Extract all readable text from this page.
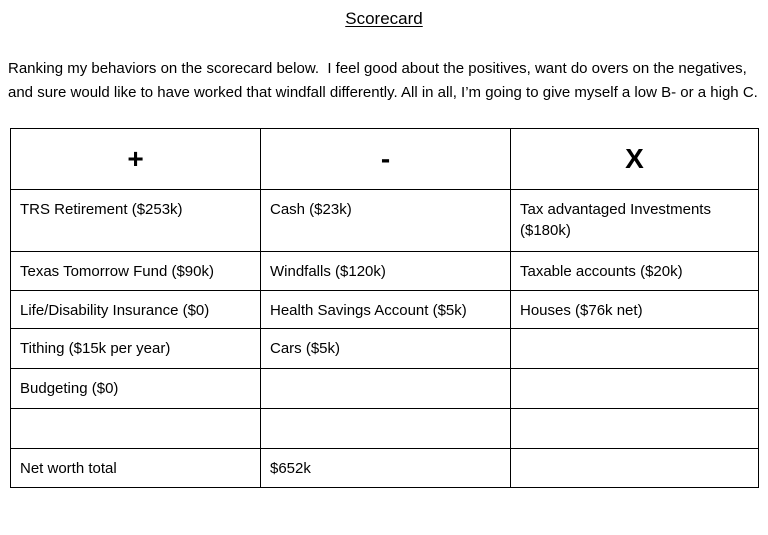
Scorecard

Ranking my behaviors on the scorecard below.  I feel good about the positives, want do overs on the negatives, and sure would like to have worked that windfall differently. All in all, I’m going to give myself a low B- or a high C.

+	-	X
TRS Retirement ($253k)	Cash ($23k)	Tax advantaged Investments ($180k)
Texas Tomorrow Fund ($90k)	Windfalls ($120k)	Taxable accounts ($20k)
Life/Disability Insurance ($0)	Health Savings Account ($5k)	Houses ($76k net)
Tithing ($15k per year)	Cars ($5k)	
Budgeting ($0)		

Net worth total	$652k	
